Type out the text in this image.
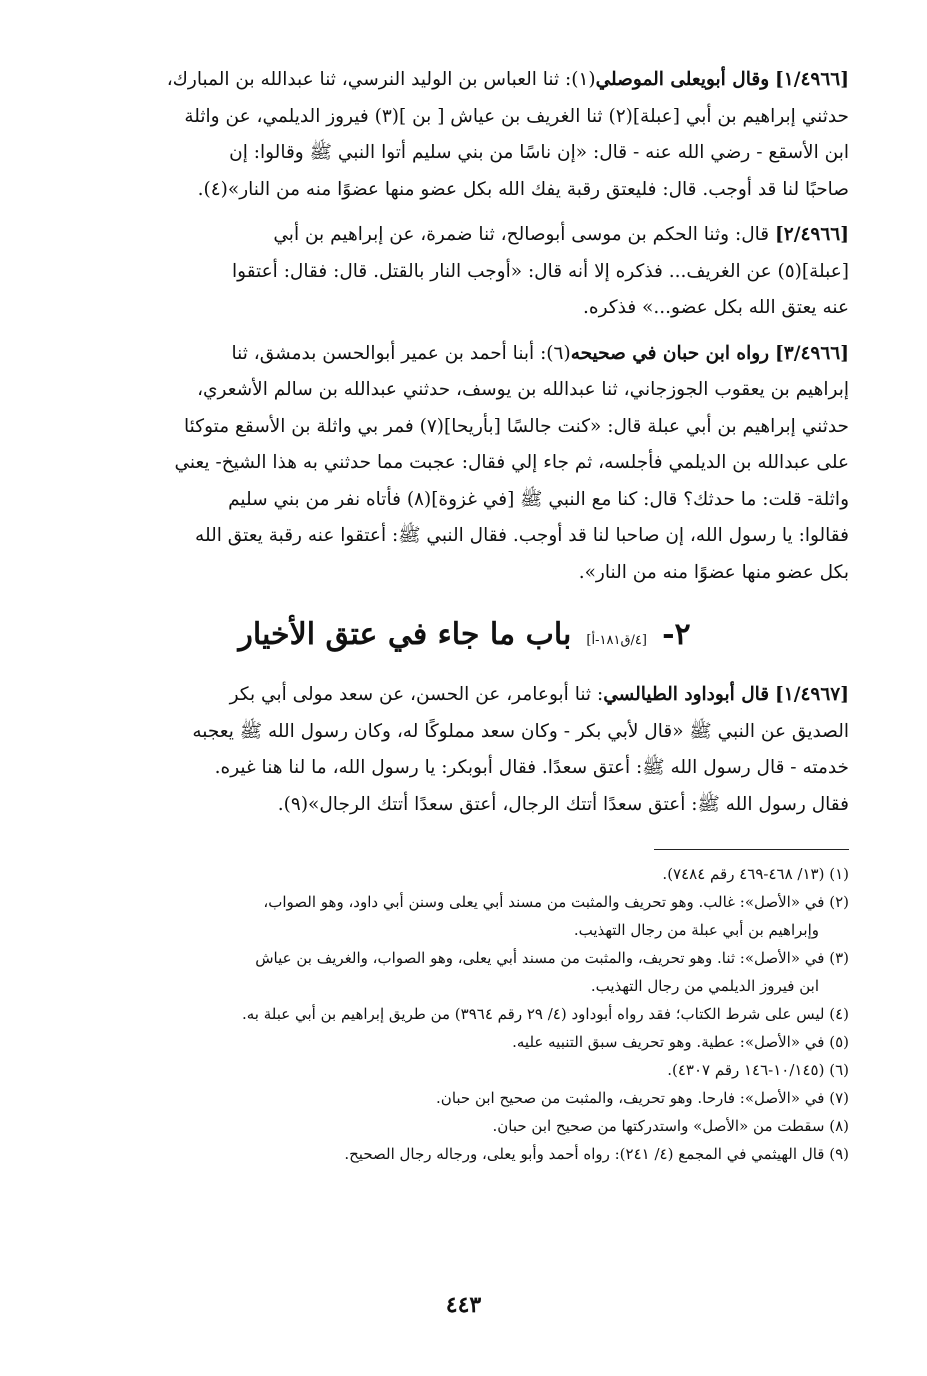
[١/٤٩٦٦] وقال أبويعلى الموصلي(١): ثنا العباس بن الوليد النرسي، ثنا عبدالله بن المبارك،

حدثني إبراهيم بن أبي [عبلة](٢) ثنا الغريف بن عياش [ بن ](٣) فيروز الديلمي، عن واثلة

ابن الأسقع - رضي الله عنه - قال: «إن ناسًا من بني سليم أتوا النبي ﷺ وقالوا: إن

صاحبًا لنا قد أوجب. قال: فليعتق رقبة يفك الله بكل عضو منها عضوًا منه من النار»(٤).

[٢/٤٩٦٦] قال: وثنا الحكم بن موسى أبوصالح، ثنا ضمرة، عن إبراهيم بن أبي

[عبلة](٥) عن الغريف... فذكره إلا أنه قال: «أوجب النار بالقتل. قال: فقال: أعتقوا

عنه يعتق الله بكل عضو...» فذكره.

[٣/٤٩٦٦] رواه ابن حبان في صحيحه(٦): أبنا أحمد بن عمير أبوالحسن بدمشق، ثنا

إبراهيم بن يعقوب الجوزجاني، ثنا عبدالله بن يوسف، حدثني عبدالله بن سالم الأشعري،

حدثني إبراهيم بن أبي عبلة قال: «كنت جالسًا [بأريحا](٧) فمر بي واثلة بن الأسقع متوكئا

على عبدالله بن الديلمي فأجلسه، ثم جاء إلي فقال: عجبت مما حدثني به هذا الشيخ- يعني

واثلة- قلت: ما حدثك؟ قال: كنا مع النبي ﷺ [في غزوة](٨) فأتاه نفر من بني سليم

فقالوا: يا رسول الله، إن صاحبا لنا قد أوجب. فقال النبي ﷺ: أعتقوا عنه رقبة يعتق الله

بكل عضو منها عضوًا منه من النار».

٢- [٤/ق١٨١-أ] باب ما جاء في عتق الأخيار

[١/٤٩٦٧] قال أبوداود الطيالسي: ثنا أبوعامر، عن الحسن، عن سعد مولى أبي بكر

الصديق عن النبي ﷺ «قال لأبي بكر - وكان سعد مملوكًا له، وكان رسول الله ﷺ يعجبه

خدمته - قال رسول الله ﷺ: أعتق سعدًا. فقال أبوبكر: يا رسول الله، ما لنا هنا غيره.

فقال رسول الله ﷺ: أعتق سعدًا أتتك الرجال، أعتق سعدًا أتتك الرجال»(٩).

(١) (١٣/ ٤٦٨-٤٦٩ رقم ٧٤٨٤).

(٢) في «الأصل»: غالب. وهو تحريف والمثبت من مسند أبي يعلى وسنن أبي داود، وهو الصواب،

وإبراهيم بن أبي عبلة من رجال التهذيب.

(٣) في «الأصل»: ثنا. وهو تحريف، والمثبت من مسند أبي يعلى، وهو الصواب، والغريف بن عياش

ابن فيروز الديلمي من رجال التهذيب.

(٤) ليس على شرط الكتاب؛ فقد رواه أبوداود (٤/ ٢٩ رقم ٣٩٦٤) من طريق إبراهيم بن أبي عبلة به.

(٥) في «الأصل»: عطية. وهو تحريف سبق التنبيه عليه.

(٦) (١٠/١٤٥-١٤٦ رقم ٤٣٠٧).

(٧) في «الأصل»: فارحا. وهو تحريف، والمثبت من صحيح ابن حبان.

(٨) سقطت من «الأصل» واستدركتها من صحيح ابن حبان.

(٩) قال الهيثمي في المجمع (٤/ ٢٤١): رواه أحمد وأبو يعلى، ورجاله رجال الصحيح.

٤٤٣
